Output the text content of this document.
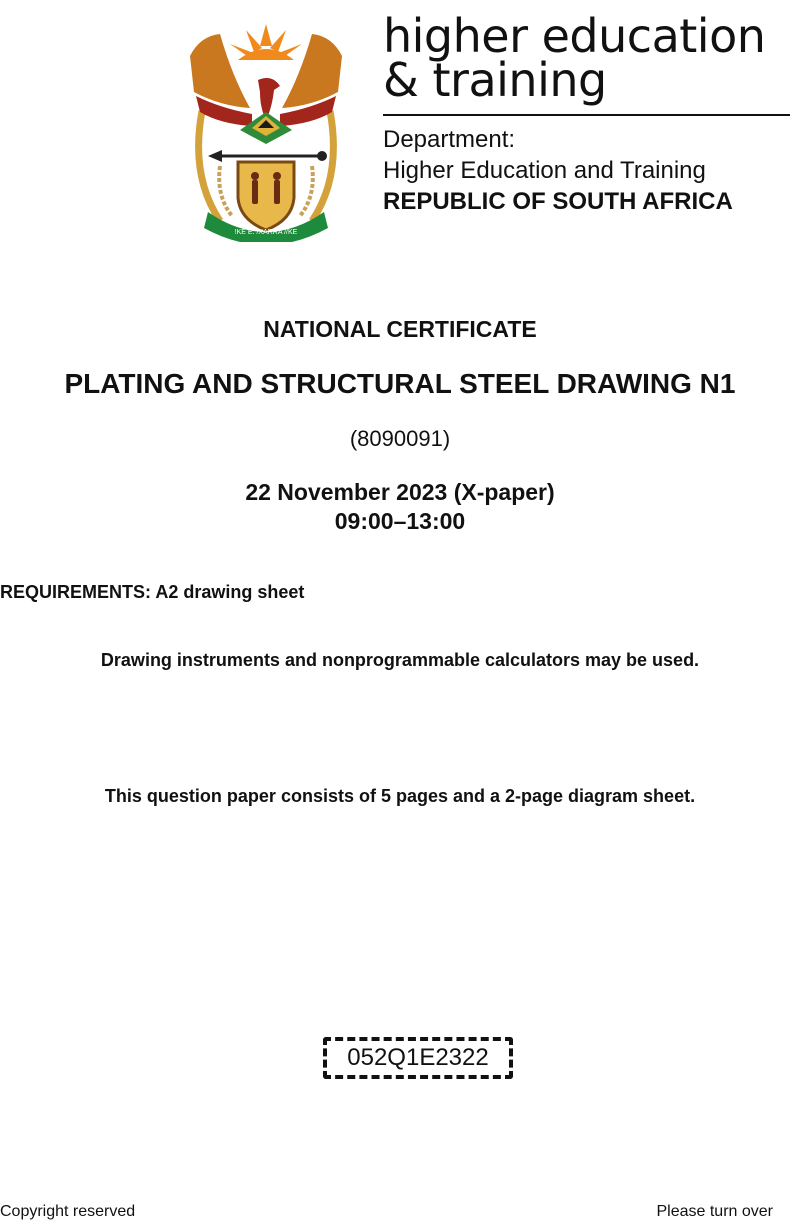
!KE E: /XARRA //KE
higher education
& training
Department:
Higher Education and Training
REPUBLIC OF SOUTH AFRICA
NATIONAL CERTIFICATE
PLATING AND STRUCTURAL STEEL DRAWING N1
(8090091)
22 November 2023 (X-paper)
09:00–13:00
REQUIREMENTS: A2 drawing sheet
Drawing instruments and nonprogrammable calculators may be used.
This question paper consists of 5 pages and a 2-page diagram sheet.
052Q1E2322
Copyright reserved	Please turn over
